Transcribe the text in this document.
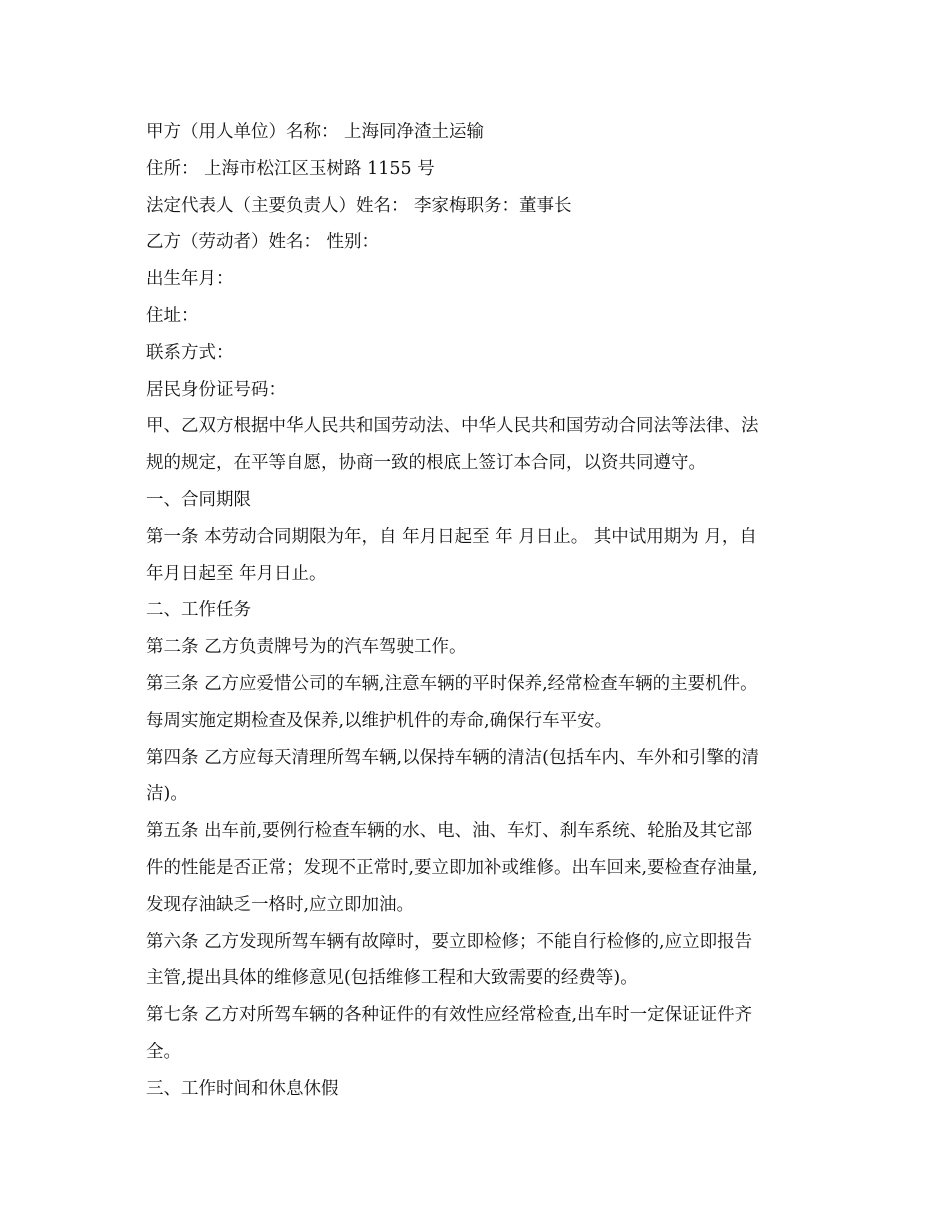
甲方（用人单位）名称： 上海同净渣土运输
住所： 上海市松江区玉树路 1155 号
法定代表人（主要负责人）姓名： 李家梅职务：董事长
乙方（劳动者）姓名： 性别：
出生年月：
住址：
联系方式：
居民身份证号码：
甲、乙双方根据中华人民共和国劳动法、中华人民共和国劳动合同法等法律、法
规的规定，在平等自愿，协商一致的根底上签订本合同，以资共同遵守。
一、合同期限
第一条 本劳动合同期限为年，自 年月日起至 年 月日止。 其中试用期为 月，自
年月日起至 年月日止。
二、工作任务
第二条 乙方负责牌号为的汽车驾驶工作。
第三条 乙方应爱惜公司的车辆,注意车辆的平时保养,经常检查车辆的主要机件。
每周实施定期检查及保养,以维护机件的寿命,确保行车平安。
第四条 乙方应每天清理所驾车辆,以保持车辆的清洁(包括车内、车外和引擎的清
洁)。
第五条 出车前,要例行检查车辆的水、电、油、车灯、刹车系统、轮胎及其它部
件的性能是否正常；发现不正常时,要立即加补或维修。出车回来,要检查存油量,
发现存油缺乏一格时,应立即加油。
第六条 乙方发现所驾车辆有故障时，要立即检修；不能自行检修的,应立即报告
主管,提出具体的维修意见(包括维修工程和大致需要的经费等)。
第七条 乙方对所驾车辆的各种证件的有效性应经常检查,出车时一定保证证件齐
全。
三、工作时间和休息休假
